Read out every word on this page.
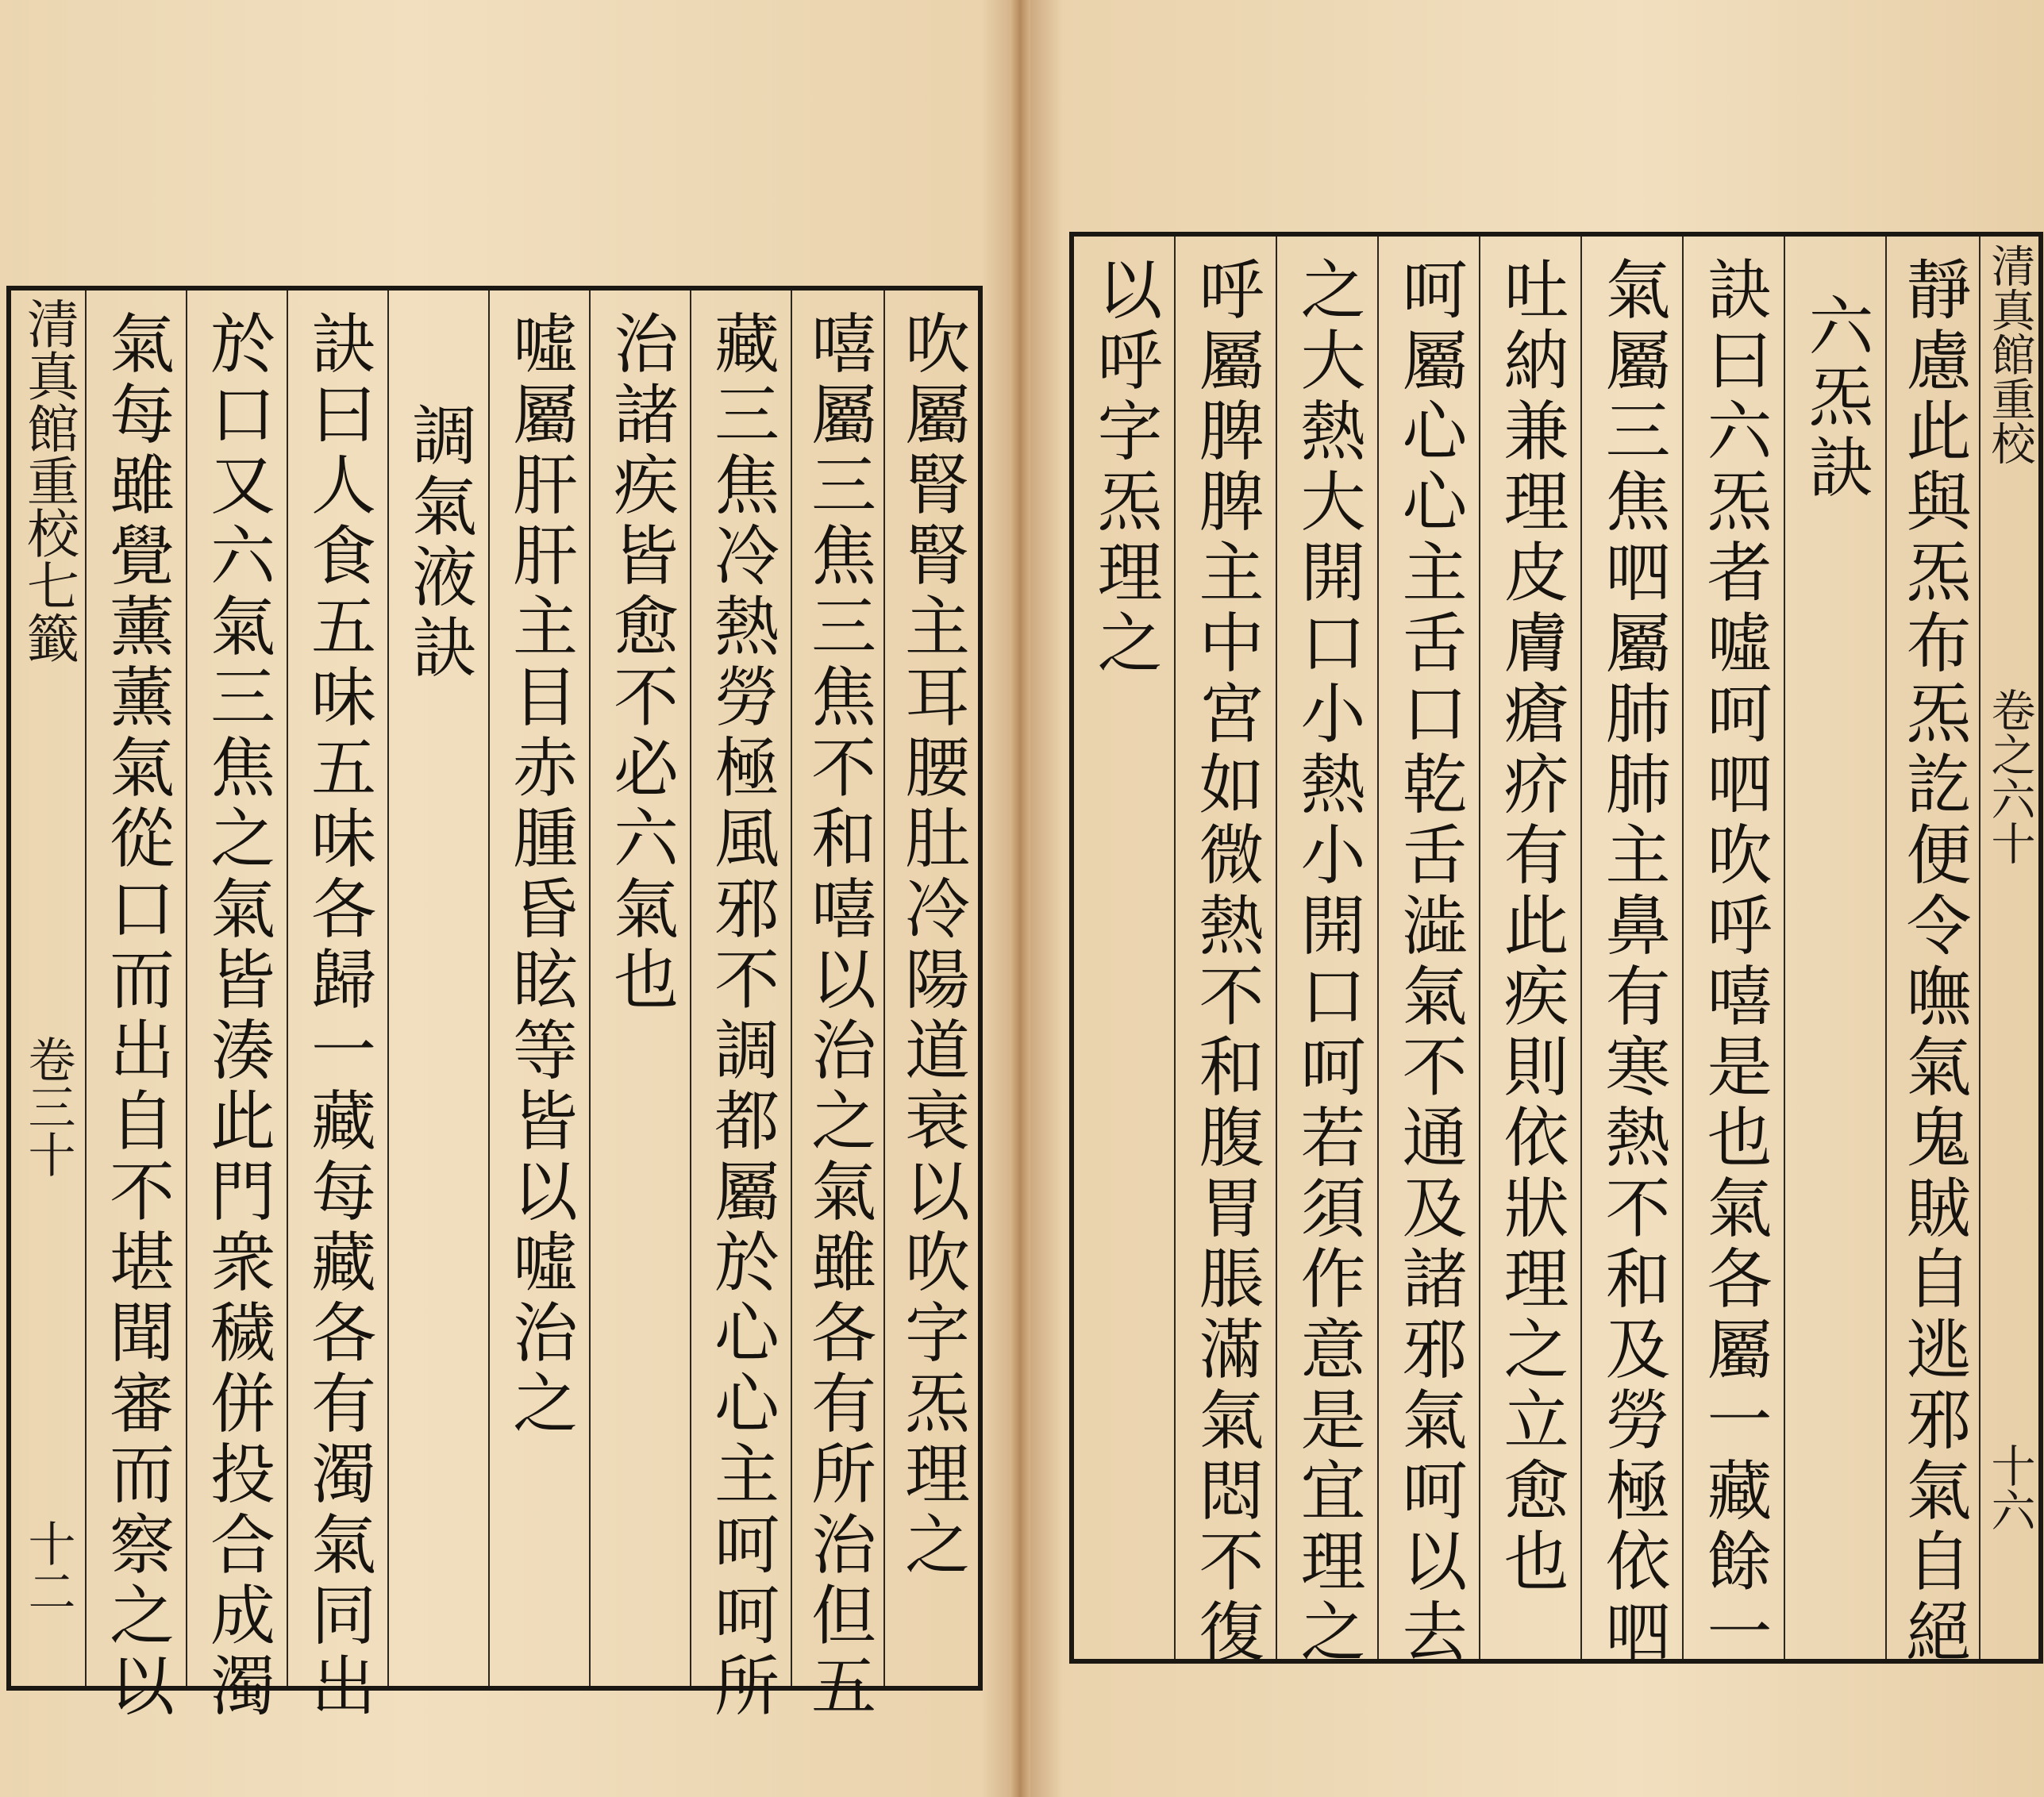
清真館重校七籤
卷三十
十二 氣每雖覺薰薰氣從口而出自不堪聞審而察之以 於口又六氣三焦之氣皆湊此門衆穢併投合成濁 訣曰人食五味五味各歸一藏每藏各有濁氣同出 調氣液訣 噓屬肝肝主目赤腫昏眩等皆以噓治之 治諸疾皆愈不必六氣也 藏三焦冷熱勞極風邪不調都屬於心心主呵呵所 嘻屬三焦三焦不和嘻以治之氣雖各有所治但五 吹屬腎腎主耳腰肚冷陽道衰以吹字炁理之 以呼字炁理之 呼屬脾脾主中宮如微熱不和腹胃脹滿氣悶不復 之大熱大開口小熱小開口呵若須作意是宜理之 呵屬心心主舌口乾舌澁氣不通及諸邪氣呵以去 吐納兼理皮膚瘡疥有此疾則依狀理之立愈也 氣屬三焦呬屬肺肺主鼻有寒熱不和及勞極依呬 訣曰六炁者噓呵呬吹呼嘻是也氣各屬一藏餘一 六炁訣 靜慮此與炁布炁訖便令嘸氣鬼賊自逃邪氣自絕 清真館重校
卷之六十
十六
